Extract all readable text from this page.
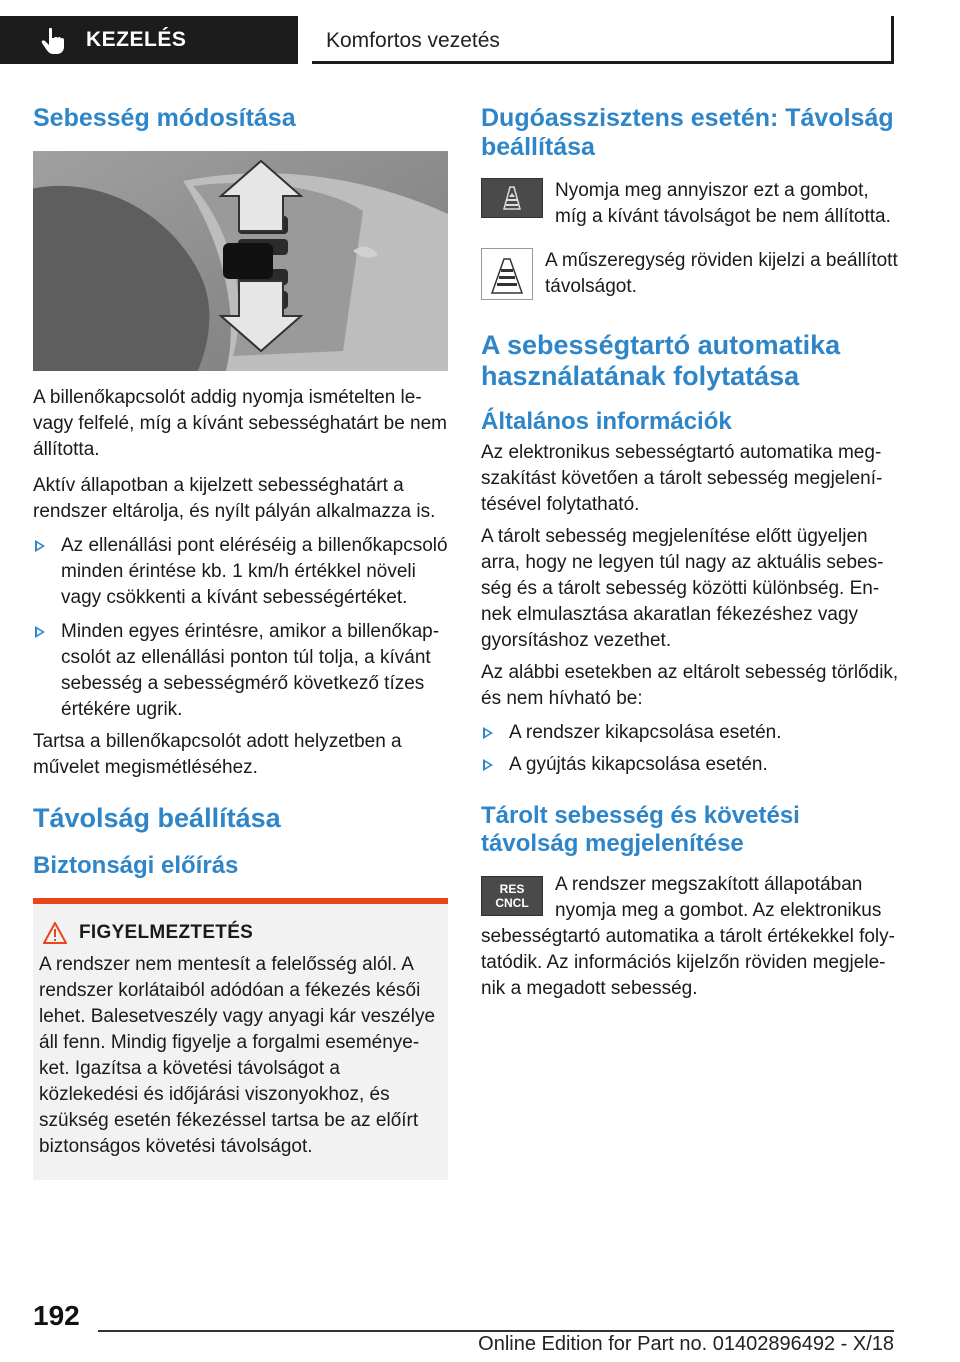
KEZELÉS	Komfortos vezetés
Sebesség módosítása

A billenőkapcsolót addig nyomja ismételten le- vagy felfelé, míg a kívánt sebességhatárt be nem állította.

Aktív állapotban a kijelzett sebességhatárt a rendszer eltárolja, és nyílt pályán alkalmazza is.

Az ellenállási pont eléréséig a billenőkapcsoló minden érintése kb. 1 km/h értékkel növeli vagy csökkenti a kívánt sebességértéket.
Minden egyes érintésre, amikor a billenőkapcsolót az ellenállási ponton túl tolja, a kívánt sebesség a sebességmérő következő tízes értékére ugrik.

Tartsa a billenőkapcsolót adott helyzetben a művelet megismétléséhez.

Távolság beállítása
Biztonsági előírás
FIGYELMEZTETÉS
A rendszer nem mentesít a felelősség alól. A rendszer korlátaiból adódóan a fékezés késői lehet. Balesetveszély vagy anyagi kár veszélye áll fenn. Mindig figyelje a forgalmi eseményeket. Igazítsa a követési távolságot a közlekedési és időjárási viszonyokhoz, és szükség esetén fékezéssel tartsa be az előírt biztonságos követési távolságot.
Dugóasszisztens esetén: Távolság beállítása
Nyomja meg annyiszor ezt a gombot, míg a kívánt távolságot be nem állította.
A műszeregység röviden kijelzi a beállított távolságot.
A sebességtartó automatika használatának folytatása
Általános információk

Az elektronikus sebességtartó automatika megszakítást követően a tárolt sebesség megjelenítésével folytatható.

A tárolt sebesség megjelenítése előtt ügyeljen arra, hogy ne legyen túl nagy az aktuális sebesség és a tárolt sebesség közötti különbség. Ennek elmulasztása akaratlan fékezéshez vagy gyorsításhoz vezethet.

Az alábbi esetekben az eltárolt sebesség törlődik, és nem hívható be:

A rendszer kikapcsolása esetén.
A gyújtás kikapcsolása esetén.
Tárolt sebesség és követési távolság megjelenítése
RES
CNCL

A rendszer megszakított állapotában nyomja meg a gombot. Az elektronikus

sebességtartó automatika a tárolt értékekkel folytatódik. Az információs kijelzőn röviden megjelenik a megadott sebesség.

192
Online Edition for Part no. 01402896492 - X/18
